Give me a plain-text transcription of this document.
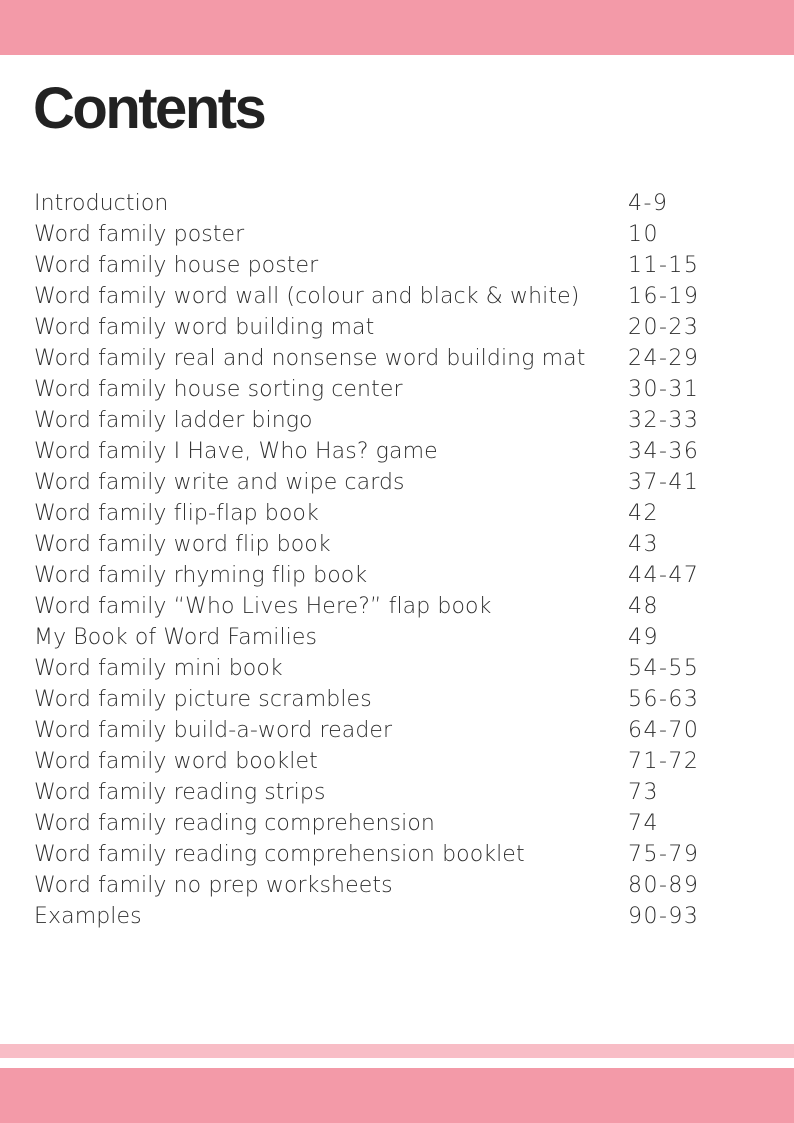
Contents
Introduction	4-9
Word family poster	10
Word family house poster	11-15
Word family word wall (colour and black & white) 16-19
Word family word building mat	20-23
Word family real and nonsense word building mat 24-29
Word family house sorting center	30-31
Word family ladder bingo	32-33
Word family I Have, Who Has? game	34-36
Word family write and wipe cards	37-41
Word family flip-flap book	42
Word family word flip book	43
Word family rhyming flip book	44-47
Word family “Who Lives Here?” flap book	48
My Book of Word Families	49
Word family mini book	54-55
Word family picture scrambles	56-63
Word family build-a-word reader	64-70
Word family word booklet	71-72
Word family reading strips	73
Word family reading comprehension	74
Word family reading comprehension booklet	75-79
Word family no prep worksheets	80-89
Examples	90-93
